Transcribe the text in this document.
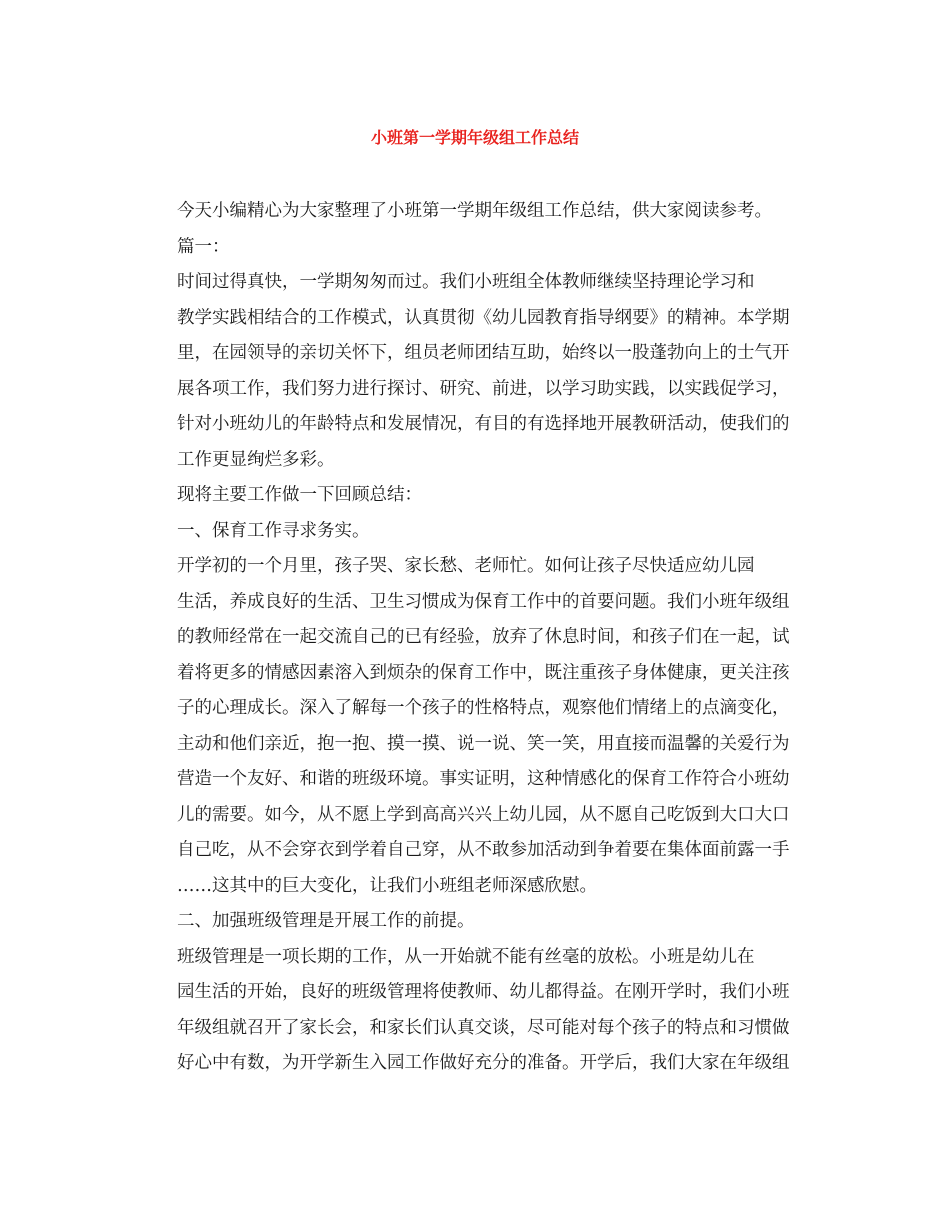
小班第一学期年级组工作总结

今天小编精心为大家整理了小班第一学期年级组工作总结，供大家阅读参考。

篇一：

时间过得真快，一学期匆匆而过。我们小班组全体教师继续坚持理论学习和
教学实践相结合的工作模式，认真贯彻《幼儿园教育指导纲要》的精神。本学期
里，在园领导的亲切关怀下，组员老师团结互助，始终以一股蓬勃向上的士气开
展各项工作，我们努力进行探讨、研究、前进，以学习助实践，以实践促学习，
针对小班幼儿的年龄特点和发展情况，有目的有选择地开展教研活动，使我们的
工作更显绚烂多彩。

现将主要工作做一下回顾总结：

一、保育工作寻求务实。

开学初的一个月里，孩子哭、家长愁、老师忙。如何让孩子尽快适应幼儿园
生活，养成良好的生活、卫生习惯成为保育工作中的首要问题。我们小班年级组
的教师经常在一起交流自己的已有经验，放弃了休息时间，和孩子们在一起，试
着将更多的情感因素溶入到烦杂的保育工作中，既注重孩子身体健康，更关注孩
子的心理成长。深入了解每一个孩子的性格特点，观察他们情绪上的点滴变化，
主动和他们亲近，抱一抱、摸一摸、说一说、笑一笑，用直接而温馨的关爱行为
营造一个友好、和谐的班级环境。事实证明，这种情感化的保育工作符合小班幼
儿的需要。如今，从不愿上学到高高兴兴上幼儿园，从不愿自己吃饭到大口大口
自己吃，从不会穿衣到学着自己穿，从不敢参加活动到争着要在集体面前露一手
……这其中的巨大变化，让我们小班组老师深感欣慰。

二、加强班级管理是开展工作的前提。

班级管理是一项长期的工作，从一开始就不能有丝毫的放松。小班是幼儿在
园生活的开始，良好的班级管理将使教师、幼儿都得益。在刚开学时，我们小班
年级组就召开了家长会，和家长们认真交谈，尽可能对每个孩子的特点和习惯做
好心中有数，为开学新生入园工作做好充分的准备。开学后，我们大家在年级组
